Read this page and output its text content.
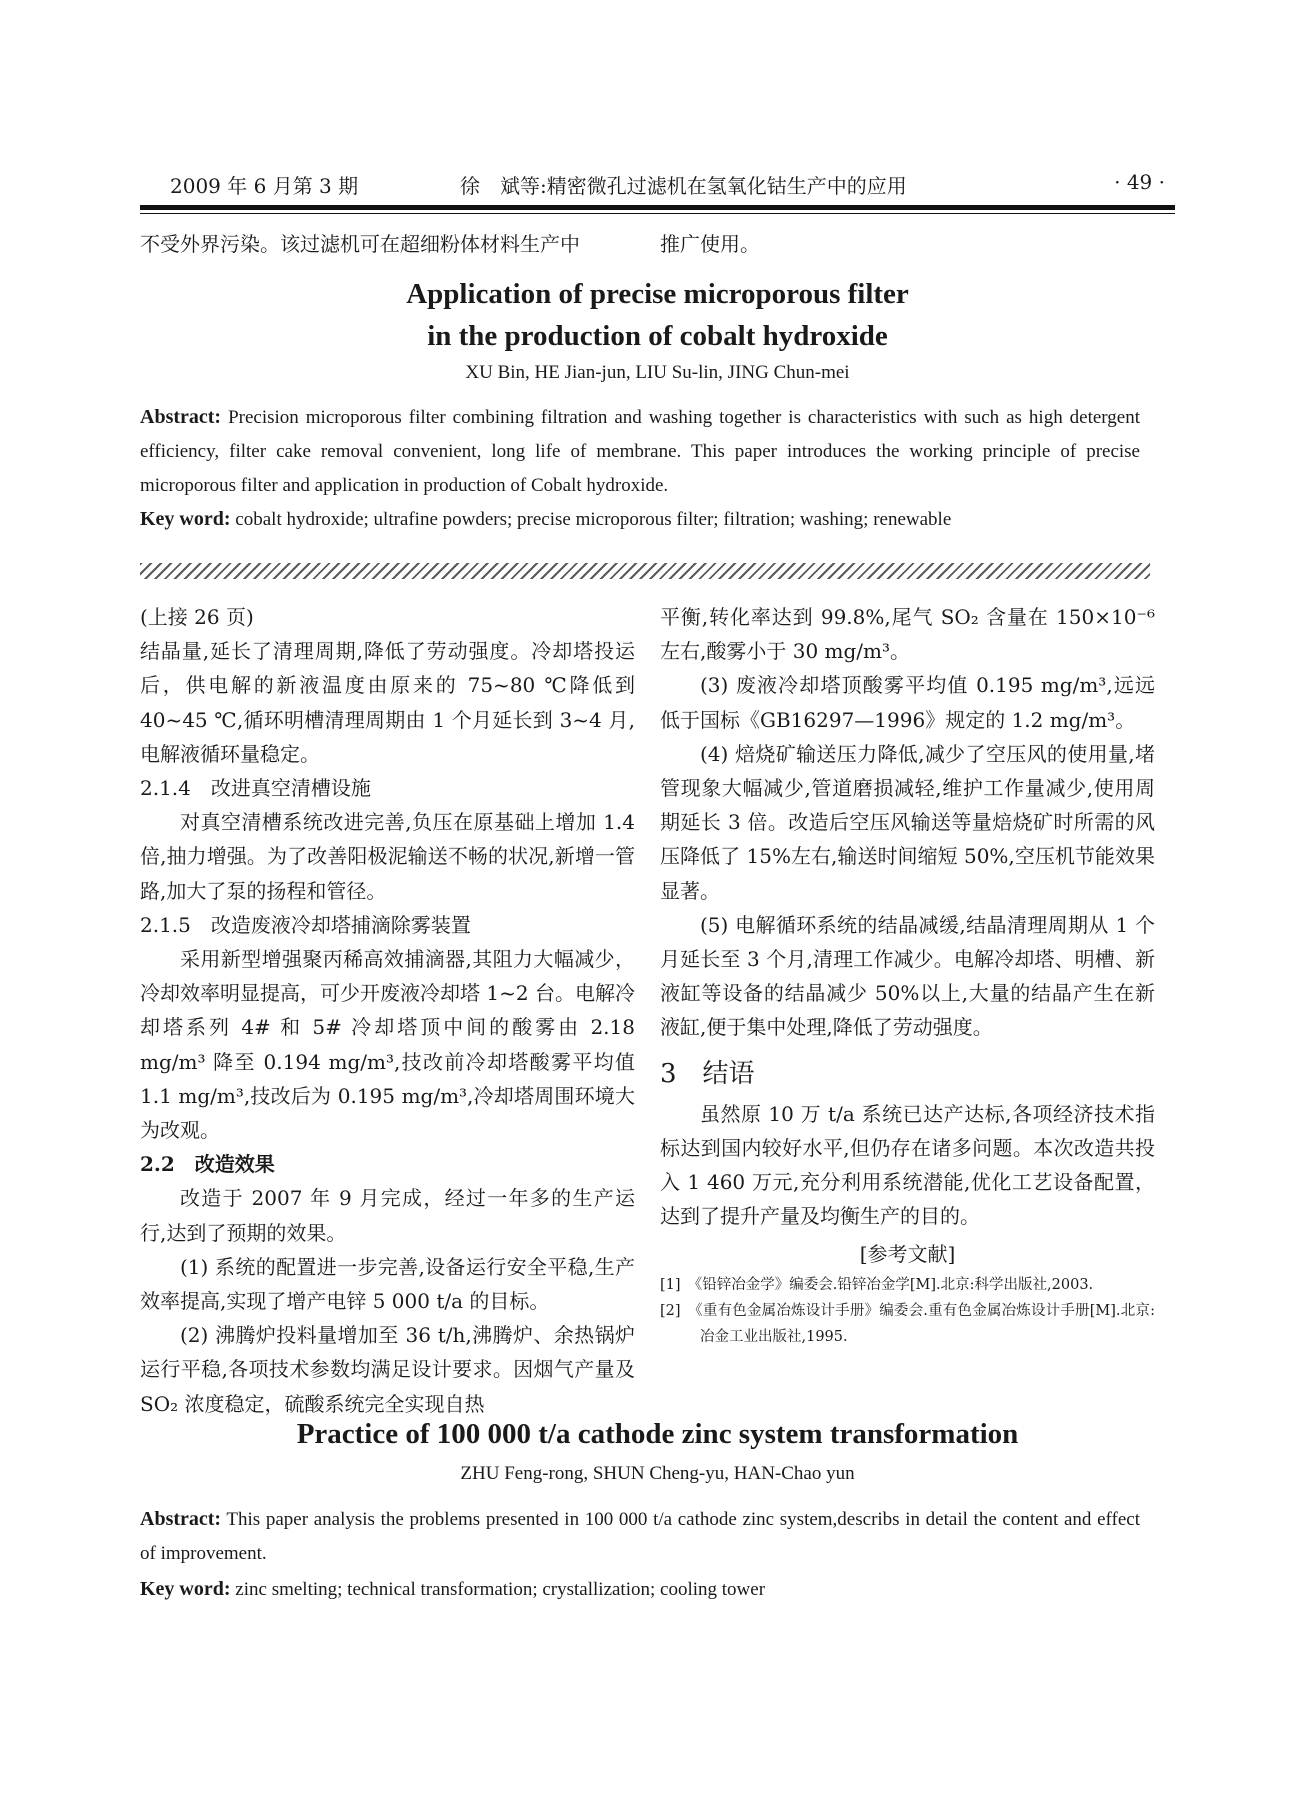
2009 年 6 月第 3 期	徐　斌等:精密微孔过滤机在氢氧化钴生产中的应用	· 49 ·
不受外界污染。该过滤机可在超细粉体材料生产中	推广使用。
Application of precise microporous filter
in the production of cobalt hydroxide
XU Bin, HE Jian-jun, LIU Su-lin, JING Chun-mei
Abstract: Precision microporous filter combining filtration and washing together is characteristics with such as high detergent efficiency, filter cake removal convenient, long life of membrane. This paper introduces the working principle of precise microporous filter and application in production of Cobalt hydroxide.
Key word: cobalt hydroxide; ultrafine powders; precise microporous filter; filtration; washing; renewable

(上接 26 页)

结晶量,延长了清理周期,降低了劳动强度。冷却塔投运后，供电解的新液温度由原来的 75~80 ℃降低到 40~45 ℃,循环明槽清理周期由 1 个月延长到 3~4 月,电解液循环量稳定。

2.1.4　改进真空清槽设施

对真空清槽系统改进完善,负压在原基础上增加 1.4 倍,抽力增强。为了改善阳极泥输送不畅的状况,新增一管路,加大了泵的扬程和管径。

2.1.5　改造废液冷却塔捕滴除雾装置

采用新型增强聚丙稀高效捕滴器,其阻力大幅减少，冷却效率明显提高，可少开废液冷却塔 1~2 台。电解冷却塔系列 4# 和 5# 冷却塔顶中间的酸雾由 2.18 mg/m³ 降至 0.194 mg/m³,技改前冷却塔酸雾平均值 1.1 mg/m³,技改后为 0.195 mg/m³,冷却塔周围环境大为改观。

2.2　改造效果

改造于 2007 年 9 月完成，经过一年多的生产运行,达到了预期的效果。

(1) 系统的配置进一步完善,设备运行安全平稳,生产效率提高,实现了增产电锌 5 000 t/a 的目标。

(2) 沸腾炉投料量增加至 36 t/h,沸腾炉、余热锅炉运行平稳,各项技术参数均满足设计要求。因烟气产量及 SO₂ 浓度稳定，硫酸系统完全实现自热

平衡,转化率达到 99.8%,尾气 SO₂ 含量在 150×10⁻⁶ 左右,酸雾小于 30 mg/m³。

(3) 废液冷却塔顶酸雾平均值 0.195 mg/m³,远远低于国标《GB16297—1996》规定的 1.2 mg/m³。

(4) 焙烧矿输送压力降低,减少了空压风的使用量,堵管现象大幅减少,管道磨损减轻,维护工作量减少,使用周期延长 3 倍。改造后空压风输送等量焙烧矿时所需的风压降低了 15%左右,输送时间缩短 50%,空压机节能效果显著。

(5) 电解循环系统的结晶减缓,结晶清理周期从 1 个月延长至 3 个月,清理工作减少。电解冷却塔、明槽、新液缸等设备的结晶减少 50%以上,大量的结晶产生在新液缸,便于集中处理,降低了劳动强度。

3　结语

虽然原 10 万 t/a 系统已达产达标,各项经济技术指标达到国内较好水平,但仍存在诸多问题。本次改造共投入 1 460 万元,充分利用系统潜能,优化工艺设备配置，达到了提升产量及均衡生产的目的。

[参考文献]

[1]　《铅锌冶金学》编委会.铅锌冶金学[M].北京:科学出版社,2003.

[2]　《重有色金属冶炼设计手册》编委会.重有色金属冶炼设计手册[M].北京:冶金工业出版社,1995.

Practice of 100 000 t/a cathode zinc system transformation
ZHU Feng-rong, SHUN Cheng-yu, HAN-Chao yun
Abstract: This paper analysis the problems presented in 100 000 t/a cathode zinc system,describs in detail the content and effect of improvement.
Key word: zinc smelting; technical transformation; crystallization; cooling tower
